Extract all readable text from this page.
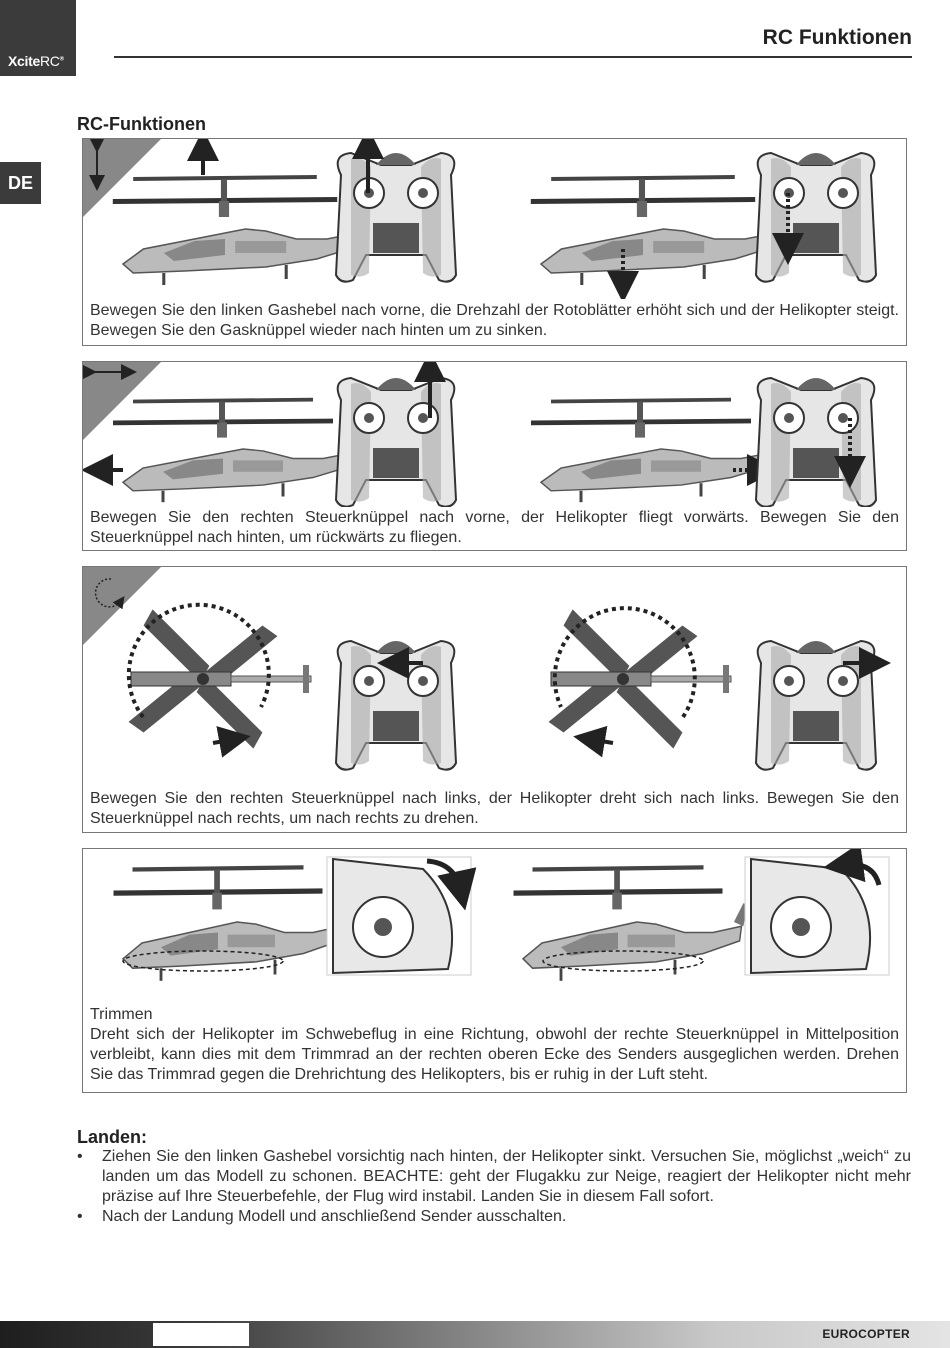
XciteRC®
RC Funktionen
DE
RC-Funktionen
Bewegen Sie den linken Gashebel nach vorne, die Drehzahl der Rotoblätter erhöht sich und der Helikopter steigt. Bewegen Sie den Gasknüppel wieder nach hinten um zu sinken.
Bewegen Sie den rechten Steuerknüppel nach vorne, der Helikopter fliegt vorwärts. Bewegen Sie den Steuerknüppel nach hinten, um rückwärts zu fliegen.
Bewegen Sie den rechten Steuerknüppel nach links, der Helikopter dreht sich nach links. Bewegen Sie den Steuerknüppel nach rechts, um nach rechts zu drehen.
Trimmen
Dreht sich der Helikopter im Schwebeflug in eine Richtung, obwohl der rechte Steuerknüppel in Mittelposition verbleibt, kann dies mit dem Trimmrad an der rechten oberen Ecke des Senders ausgeglichen werden. Drehen Sie das Trimmrad gegen die Drehrichtung des Helikopters, bis er ruhig in der Luft steht.
Landen:
• Ziehen Sie den linken Gashebel vorsichtig nach hinten, der Helikopter sinkt. Versuchen Sie, möglichst „weich“ zu landen um das Modell zu schonen. BEACHTE: geht der Flugakku zur Neige, reagiert der Helikopter nicht mehr präzise auf Ihre Steuerbefehle, der Flug wird instabil. Landen Sie in diesem Fall sofort.
• Nach der Landung Modell und anschließend Sender ausschalten.
EUROCOPTER
